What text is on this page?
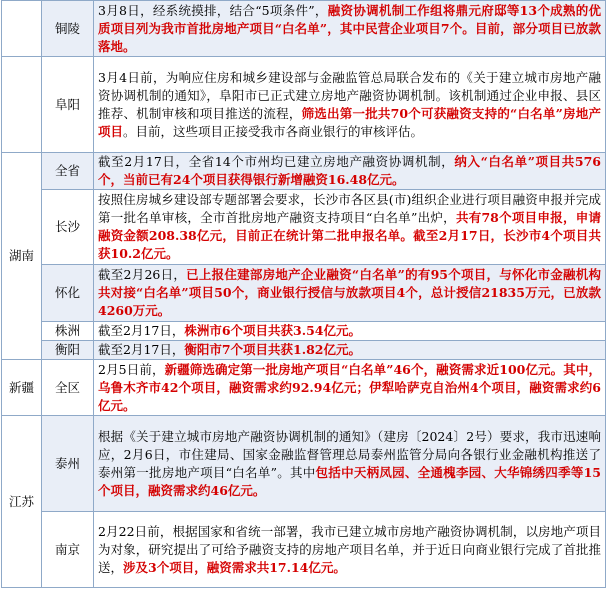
	铜陵	3月8日，经系统摸排，结合“5项条件”，融资协调机制工作组将鼎元府邸等13个成熟的优质项目列为我市首批房地产项目“白名单”，其中民营企业项目7个。目前，部分项目已放款落地。
	阜阳	3月4日前，为响应住房和城乡建设部与金融监管总局联合发布的《关于建立城市房地产融资协调机制的通知》，阜阳市已正式建立房地产融资协调机制。该机制通过企业申报、县区推荐、机制审核和项目推送的流程，筛选出第一批共70个可获融资支持的“白名单”房地产项目。目前，这些项目正接受我市各商业银行的审核评估。
湖南	全省	截至2月17日，全省14个市州均已建立房地产融资协调机制，纳入“白名单”项目共576个，当前已有24个项目获得银行新增融资16.48亿元。
	长沙	按照住房城乡建设部专题部署会要求，长沙市各区县(市)组织企业进行项目融资申报并完成第一批名单审核，全市首批房地产融资支持项目“白名单”出炉，共有78个项目申报，申请融资金额208.38亿元，目前正在统计第二批申报名单。截至2月17日，长沙市4个项目共获10.2亿元。
	怀化	截至2月26日，已上报住建部房地产企业融资“白名单”的有95个项目，与怀化市金融机构共对接“白名单”项目50个，商业银行授信与放款项目4个，总计授信21835万元，已放款4260万元。
	株洲	截至2月17日，株洲市6个项目共获3.54亿元。
	衡阳	截至2月17日，衡阳市7个项目共获1.82亿元。
新疆	全区	2月5日前，新疆筛选确定第一批房地产项目“白名单”46个，融资需求近100亿元。其中，乌鲁木齐市42个项目，融资需求约92.94亿元；伊犁哈萨克自治州4个项目，融资需求约6亿元。
江苏	泰州	根据《关于建立城市房地产融资协调机制的通知》（建房〔2024〕2号）要求，我市迅速响应，2月6日，市住建局、国家金融监督管理总局泰州监管分局向各银行业金融机构推送了泰州第一批房地产项目“白名单”。其中包括中天柄凤园、全通槐李园、大华锦绣四季等15个项目，融资需求约46亿元。
	南京	2月22日前，根据国家和省统一部署，我市已建立城市房地产融资协调机制，以房地产项目为对象，研究提出了可给予融资支持的房地产项目名单，并于近日向商业银行完成了首批推送，涉及3个项目，融资需求共17.14亿元。
